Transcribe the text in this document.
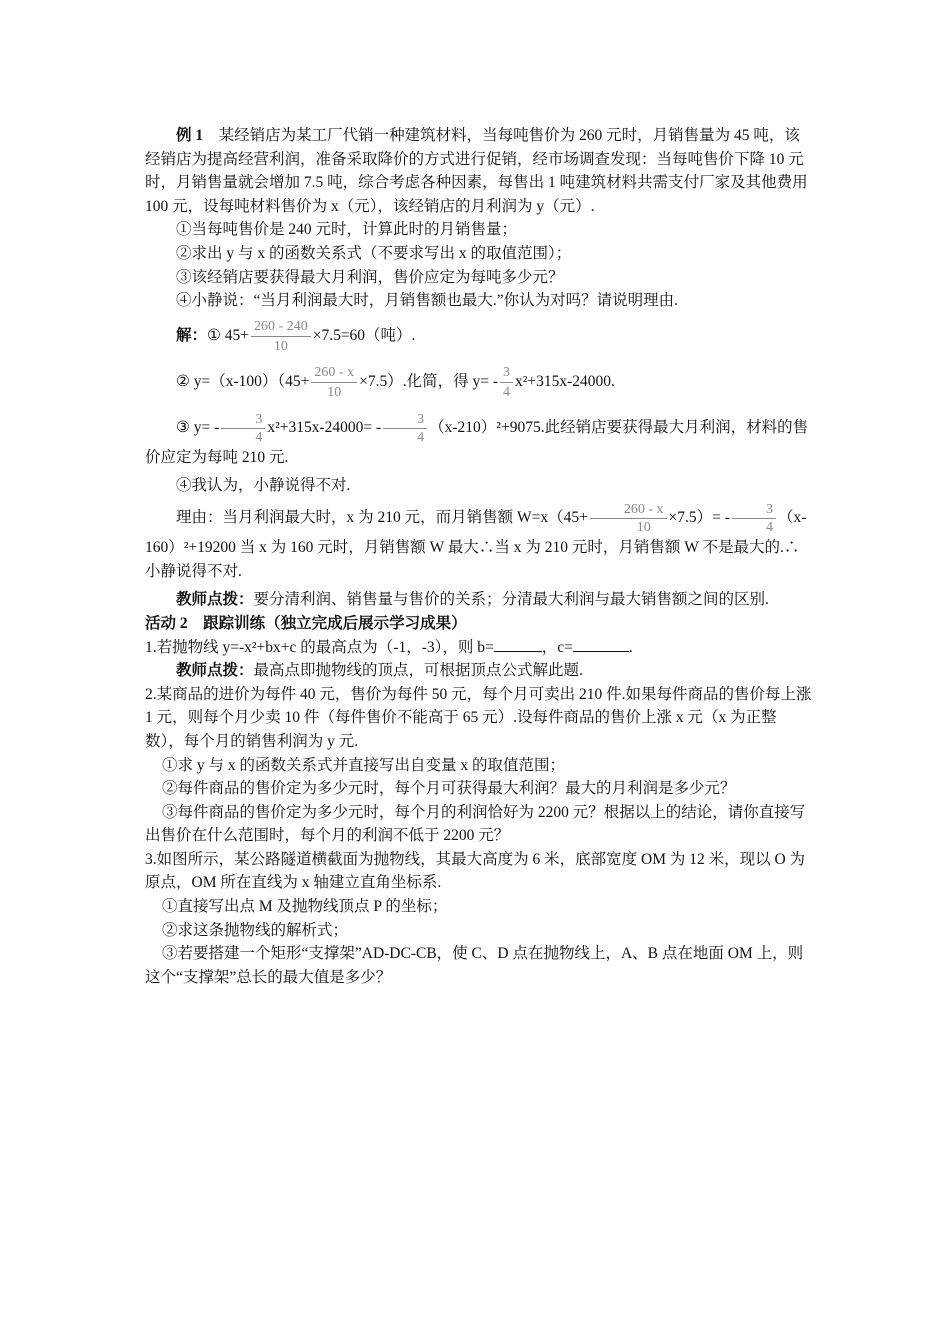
例 1　 某经销店为某工厂代销一种建筑材料，当每吨售价为 260 元时，月销售量为 45 吨，该经销店为提高经营利润，准备采取降价的方式进行促销，经市场调查发现：当每吨售价下降 10 元时，月销售量就会增加 7.5 吨，综合考虑各种因素，每售出 1 吨建筑材料共需支付厂家及其他费用 100 元，设每吨材料售价为 x（元），该经销店的月利润为 y（元）.

①当每吨售价是 240 元时，计算此时的月销售量；

②求出 y 与 x 的函数关系式（不要求写出 x 的取值范围）；

③该经销店要获得最大月利润，售价应定为每吨多少元？

④小静说：“当月利润最大时，月销售额也最大.”你认为对吗？请说明理由.

解：① $45+ \frac{260 - 240}{10} \times 7.5=60$（吨）.

② $y=(x-100)(45+ \frac{260 - x}{10} \times 7.5)$.化简，得 $y= - \frac{3}{4} x^2+315x-24000$.

③ $y= - \frac{3}{4} x^2+315x-24000= - \frac{3}{4} (x-210)^2+9075$.此经销店要获得最大月利润，材料的售价应定为每吨 210 元.

④我认为，小静说得不对.

理由：当月利润最大时，x 为 210 元，而月销售额 $W=x(45+ \frac{260 - x}{10} \times 7.5)= - \frac{3}{4} (x-160)^2+19200$ 当 x 为 160 元时，月销售额 W 最大∴当 x 为 210 元时，月销售额 W 不是最大的.∴小静说得不对.

教师点拨：要分清利润、销售量与售价的关系；分清最大利润与最大销售额之间的区别.

活动 2　跟踪训练（独立完成后展示学习成果）

1.若抛物线 y=-x²+bx+c 的最高点为（-1，-3），则 b=	，c=	.

教师点拨：最高点即抛物线的顶点，可根据顶点公式解此题.

2.某商品的进价为每件 40 元，售价为每件 50 元，每个月可卖出 210 件.如果每件商品的售价每上涨 1 元，则每个月少卖 10 件（每件售价不能高于 65 元）.设每件商品的售价上涨 x 元（x 为正整数），每个月的销售利润为 y 元.

①求 y 与 x 的函数关系式并直接写出自变量 x 的取值范围；

②每件商品的售价定为多少元时，每个月可获得最大利润？最大的月利润是多少元？

③每件商品的售价定为多少元时，每个月的利润恰好为 2200 元？根据以上的结论，请你直接写出售价在什么范围时，每个月的利润不低于 2200 元？

3.如图所示，某公路隧道横截面为抛物线，其最大高度为 6 米，底部宽度 OM 为 12 米，现以 O 为原点，OM 所在直线为 x 轴建立直角坐标系.

①直接写出点 M 及抛物线顶点 P 的坐标；

②求这条抛物线的解析式；

③若要搭建一个矩形“支撑架”AD-DC-CB，使 C、D 点在抛物线上，A、B 点在地面 OM 上，则这个“支撑架”总长的最大值是多少？
